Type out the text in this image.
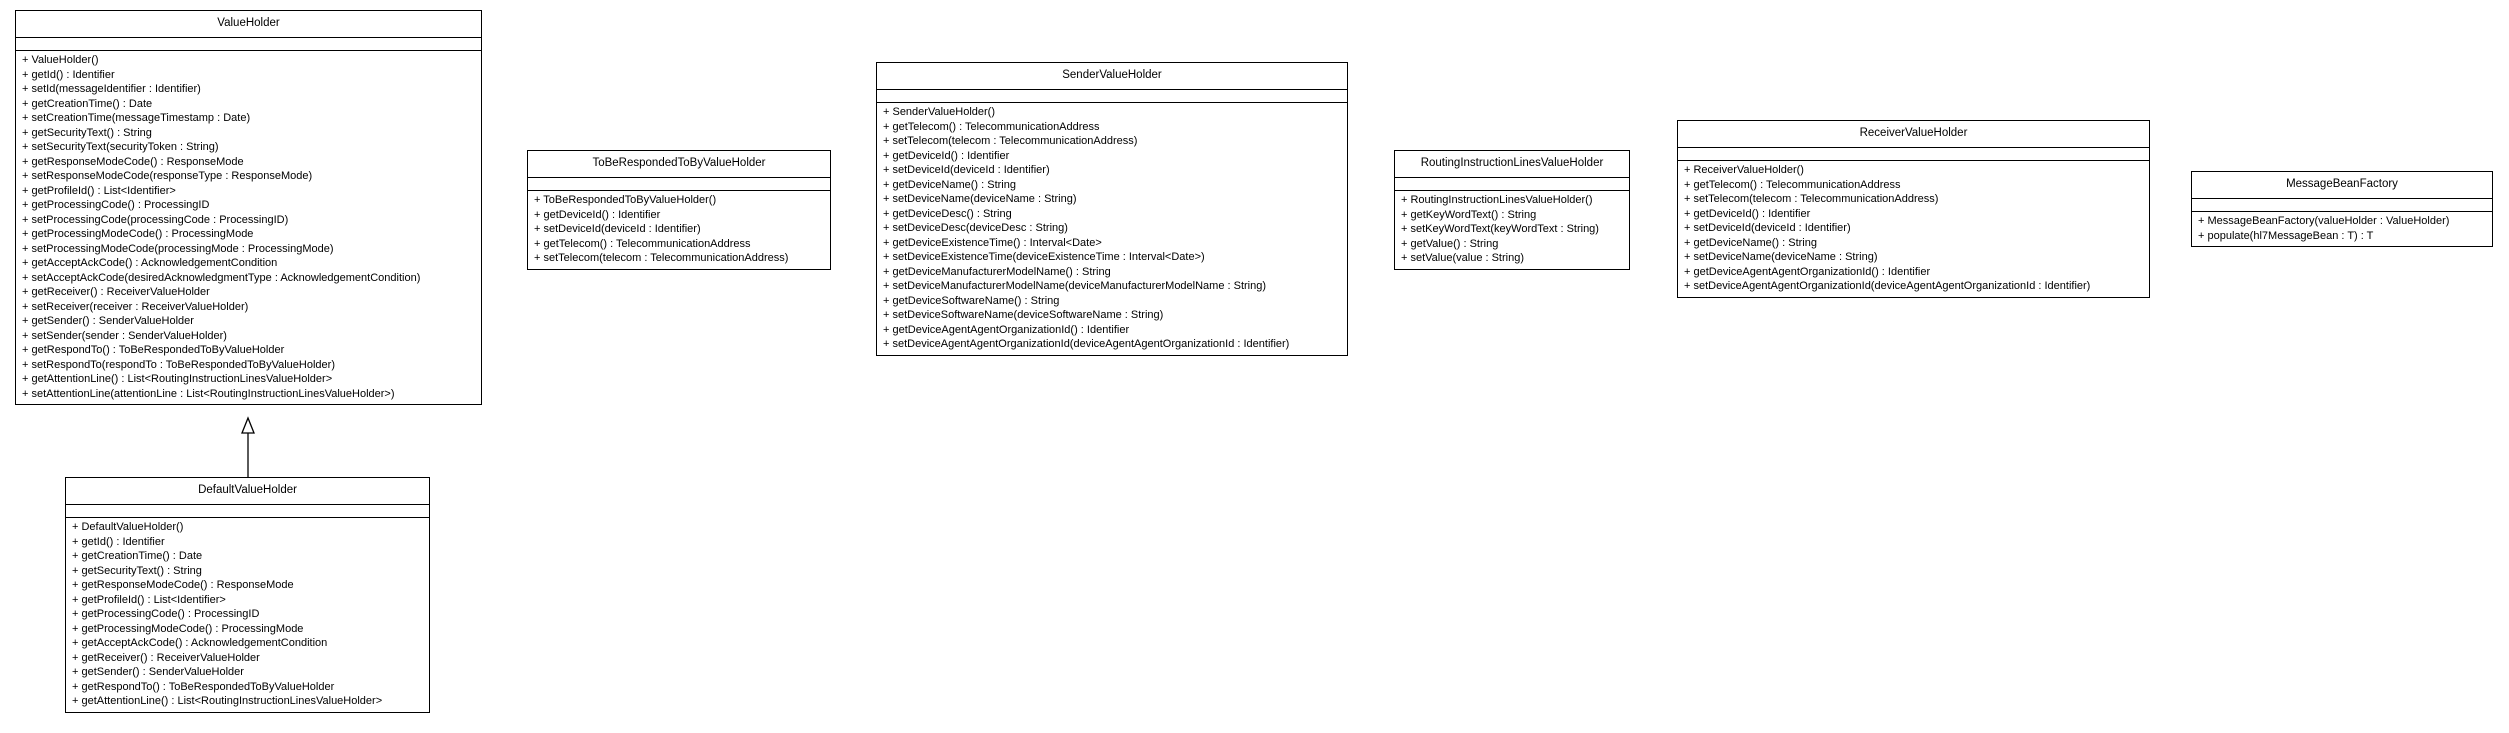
ValueHolder
+ ValueHolder()
+ getId() : Identifier
+ setId(messageIdentifier : Identifier)
+ getCreationTime() : Date
+ setCreationTime(messageTimestamp : Date)
+ getSecurityText() : String
+ setSecurityText(securityToken : String)
+ getResponseModeCode() : ResponseMode
+ setResponseModeCode(responseType : ResponseMode)
+ getProfileId() : List<Identifier>
+ getProcessingCode() : ProcessingID
+ setProcessingCode(processingCode : ProcessingID)
+ getProcessingModeCode() : ProcessingMode
+ setProcessingModeCode(processingMode : ProcessingMode)
+ getAcceptAckCode() : AcknowledgementCondition
+ setAcceptAckCode(desiredAcknowledgmentType : AcknowledgementCondition)
+ getReceiver() : ReceiverValueHolder
+ setReceiver(receiver : ReceiverValueHolder)
+ getSender() : SenderValueHolder
+ setSender(sender : SenderValueHolder)
+ getRespondTo() : ToBeRespondedToByValueHolder
+ setRespondTo(respondTo : ToBeRespondedToByValueHolder)
+ getAttentionLine() : List<RoutingInstructionLinesValueHolder>
+ setAttentionLine(attentionLine : List<RoutingInstructionLinesValueHolder>)
DefaultValueHolder
+ DefaultValueHolder()
+ getId() : Identifier
+ getCreationTime() : Date
+ getSecurityText() : String
+ getResponseModeCode() : ResponseMode
+ getProfileId() : List<Identifier>
+ getProcessingCode() : ProcessingID
+ getProcessingModeCode() : ProcessingMode
+ getAcceptAckCode() : AcknowledgementCondition
+ getReceiver() : ReceiverValueHolder
+ getSender() : SenderValueHolder
+ getRespondTo() : ToBeRespondedToByValueHolder
+ getAttentionLine() : List<RoutingInstructionLinesValueHolder>
ToBeRespondedToByValueHolder
+ ToBeRespondedToByValueHolder()
+ getDeviceId() : Identifier
+ setDeviceId(deviceId : Identifier)
+ getTelecom() : TelecommunicationAddress
+ setTelecom(telecom : TelecommunicationAddress)
SenderValueHolder
+ SenderValueHolder()
+ getTelecom() : TelecommunicationAddress
+ setTelecom(telecom : TelecommunicationAddress)
+ getDeviceId() : Identifier
+ setDeviceId(deviceId : Identifier)
+ getDeviceName() : String
+ setDeviceName(deviceName : String)
+ getDeviceDesc() : String
+ setDeviceDesc(deviceDesc : String)
+ getDeviceExistenceTime() : Interval<Date>
+ setDeviceExistenceTime(deviceExistenceTime : Interval<Date>)
+ getDeviceManufacturerModelName() : String
+ setDeviceManufacturerModelName(deviceManufacturerModelName : String)
+ getDeviceSoftwareName() : String
+ setDeviceSoftwareName(deviceSoftwareName : String)
+ getDeviceAgentAgentOrganizationId() : Identifier
+ setDeviceAgentAgentOrganizationId(deviceAgentAgentOrganizationId : Identifier)
RoutingInstructionLinesValueHolder
+ RoutingInstructionLinesValueHolder()
+ getKeyWordText() : String
+ setKeyWordText(keyWordText : String)
+ getValue() : String
+ setValue(value : String)
ReceiverValueHolder
+ ReceiverValueHolder()
+ getTelecom() : TelecommunicationAddress
+ setTelecom(telecom : TelecommunicationAddress)
+ getDeviceId() : Identifier
+ setDeviceId(deviceId : Identifier)
+ getDeviceName() : String
+ setDeviceName(deviceName : String)
+ getDeviceAgentAgentOrganizationId() : Identifier
+ setDeviceAgentAgentOrganizationId(deviceAgentAgentOrganizationId : Identifier)
MessageBeanFactory
+ MessageBeanFactory(valueHolder : ValueHolder)
+ populate(hl7MessageBean : T) : T
